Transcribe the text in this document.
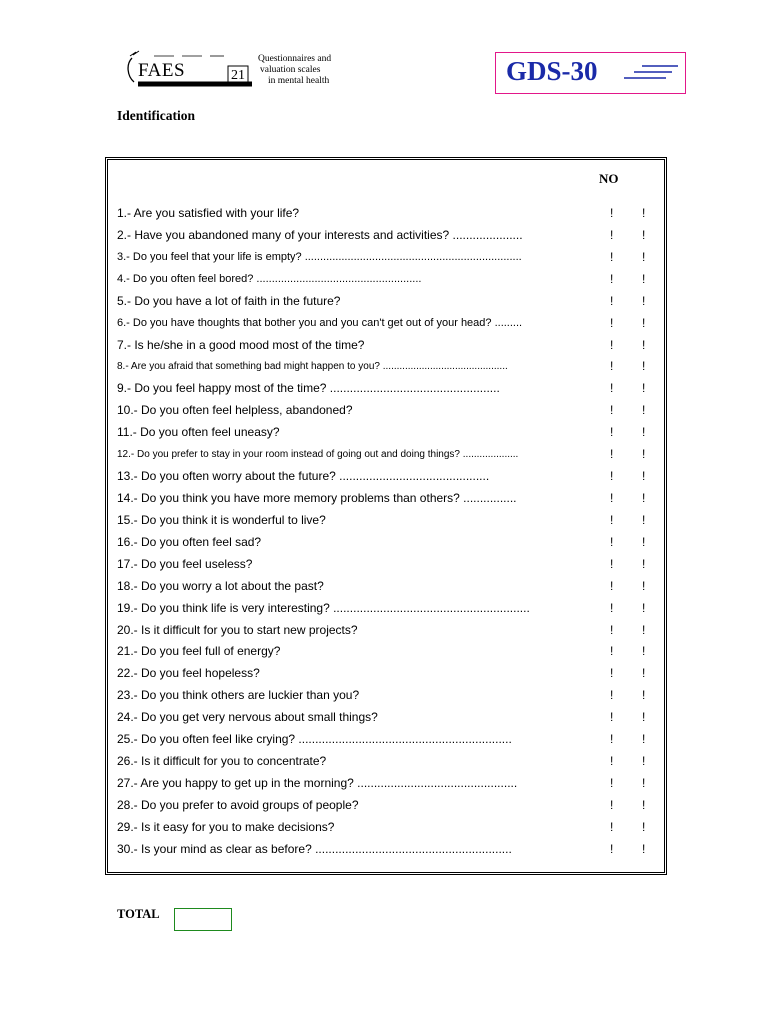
FAES	21
Questionnaires and
valuation scales
in mental health	GDS-30
Identification
NO
1.- Are you satisfied with your life?	! !
2.- Have you abandoned many of your interests and activities? .....................	! !
3.- Do you feel that your life is empty? .......................................................................	! !
4.- Do you often feel bored? ......................................................	! !
5.- Do you have a lot of faith in the future?	! !
6.- Do you have thoughts that bother you and you can't get out of your head? .........	! !
7.- Is he/she in a good mood most of the time?	! !
8.- Are you afraid that something bad might happen to you? .............................................	! !
9.- Do you feel happy most of the time? ...................................................	! !
10.- Do you often feel helpless, abandoned?	! !
11.- Do you often feel uneasy?	! !
12.- Do you prefer to stay in your room instead of going out and doing things? ....................	! !
13.- Do you often worry about the future? .............................................	! !
14.- Do you think you have more memory problems than others? ................	! !
15.- Do you think it is wonderful to live?	! !
16.- Do you often feel sad?	! !
17.- Do you feel useless?	! !
18.- Do you worry a lot about the past?	! !
19.- Do you think life is very interesting? ...........................................................	! !
20.- Is it difficult for you to start new projects?	! !
21.- Do you feel full of energy?	! !
22.- Do you feel hopeless?	! !
23.- Do you think others are luckier than you?	! !
24.- Do you get very nervous about small things?	! !
25.- Do you often feel like crying? ................................................................	! !
26.- Is it difficult for you to concentrate?	! !
27.- Are you happy to get up in the morning? ................................................	! !
28.- Do you prefer to avoid groups of people?	! !
29.- Is it easy for you to make decisions?	! !
30.- Is your mind as clear as before? ...........................................................	! !
TOTAL
